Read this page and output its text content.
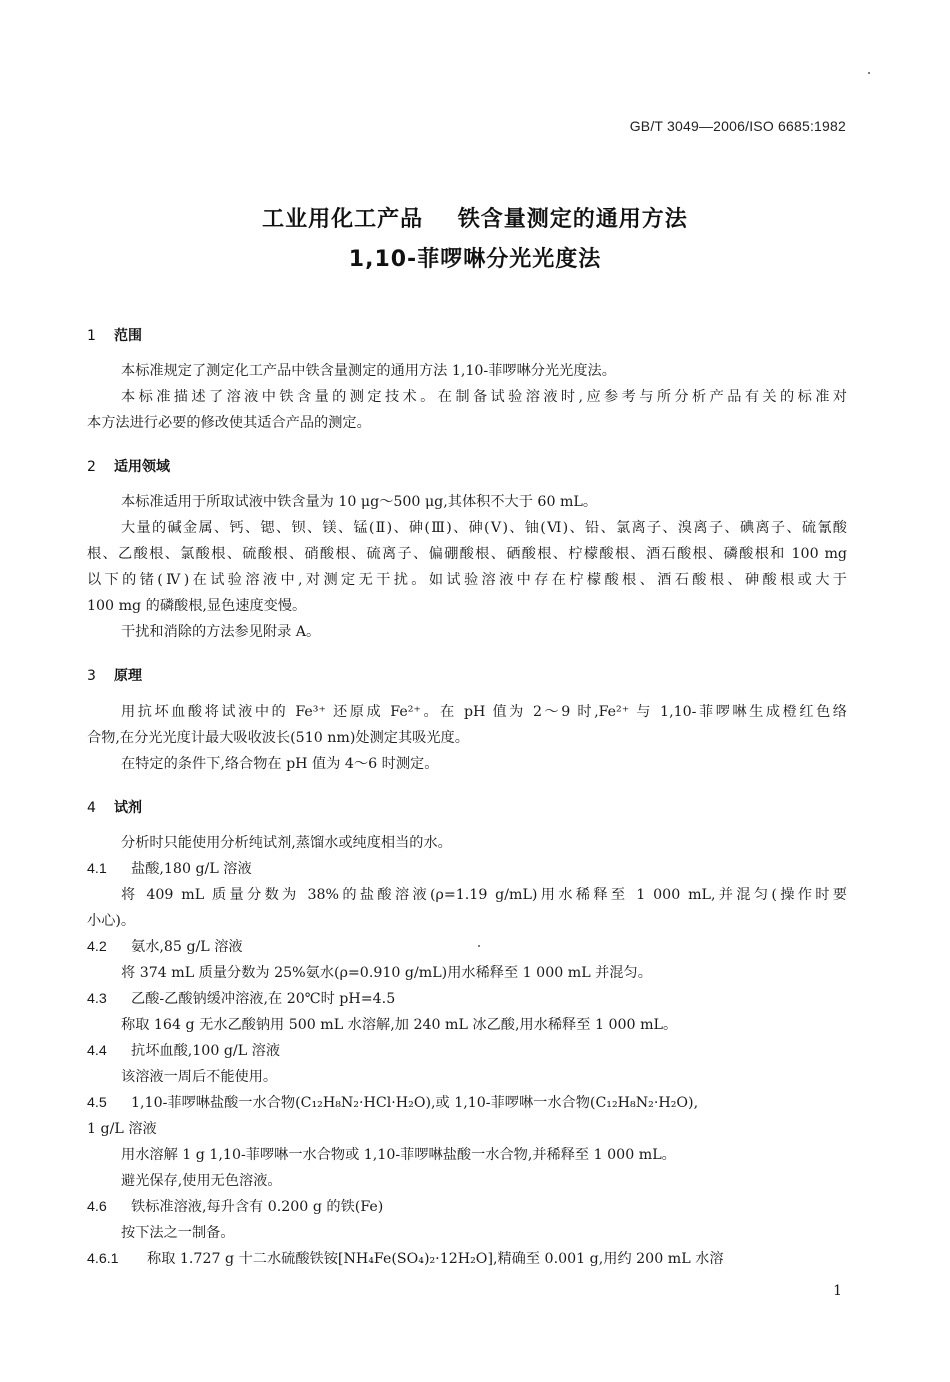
GB/T 3049—2006/ISO 6685:1982
工业用化工产品    铁含量测定的通用方法
1,10-菲啰啉分光光度法
1 范围
本标准规定了测定化工产品中铁含量测定的通用方法 1,10-菲啰啉分光光度法。
本标准描述了溶液中铁含量的测定技术。在制备试验溶液时,应参考与所分析产品有关的标准对
本方法进行必要的修改使其适合产品的测定。
2 适用领域
本标准适用于所取试液中铁含量为 10 μg～500 μg,其体积不大于 60 mL。
大量的碱金属、钙、锶、钡、镁、锰(Ⅱ)、砷(Ⅲ)、砷(Ⅴ)、铀(Ⅵ)、铅、氯离子、溴离子、碘离子、硫氰酸
根、乙酸根、氯酸根、硫酸根、硝酸根、硫离子、偏硼酸根、硒酸根、柠檬酸根、酒石酸根、磷酸根和 100 mg
以下的锗(Ⅳ)在试验溶液中,对测定无干扰。如试验溶液中存在柠檬酸根、酒石酸根、砷酸根或大于
100 mg 的磷酸根,显色速度变慢。
干扰和消除的方法参见附录 A。
3 原理
用抗坏血酸将试液中的 Fe³⁺ 还原成 Fe²⁺。在 pH 值为 2～9 时,Fe²⁺ 与 1,10-菲啰啉生成橙红色络
合物,在分光光度计最大吸收波长(510 nm)处测定其吸光度。
在特定的条件下,络合物在 pH 值为 4～6 时测定。
4 试剂
分析时只能使用分析纯试剂,蒸馏水或纯度相当的水。
4.1 盐酸,180 g/L 溶液
将 409 mL 质量分数为 38%的盐酸溶液(ρ=1.19 g/mL)用水稀释至 1 000 mL,并混匀(操作时要
小心)。
4.2 氨水,85 g/L 溶液
将 374 mL 质量分数为 25%氨水(ρ=0.910 g/mL)用水稀释至 1 000 mL 并混匀。
4.3 乙酸-乙酸钠缓冲溶液,在 20℃时 pH=4.5
称取 164 g 无水乙酸钠用 500 mL 水溶解,加 240 mL 冰乙酸,用水稀释至 1 000 mL。
4.4 抗坏血酸,100 g/L 溶液
该溶液一周后不能使用。
4.5 1,10-菲啰啉盐酸一水合物(C₁₂H₈N₂·HCl·H₂O),或 1,10-菲啰啉一水合物(C₁₂H₈N₂·H₂O),
1 g/L 溶液
用水溶解 1 g 1,10-菲啰啉一水合物或 1,10-菲啰啉盐酸一水合物,并稀释至 1 000 mL。
避光保存,使用无色溶液。
4.6 铁标准溶液,每升含有 0.200 g 的铁(Fe)
按下法之一制备。
4.6.1 称取 1.727 g 十二水硫酸铁铵[NH₄Fe(SO₄)₂·12H₂O],精确至 0.001 g,用约 200 mL 水溶
1
